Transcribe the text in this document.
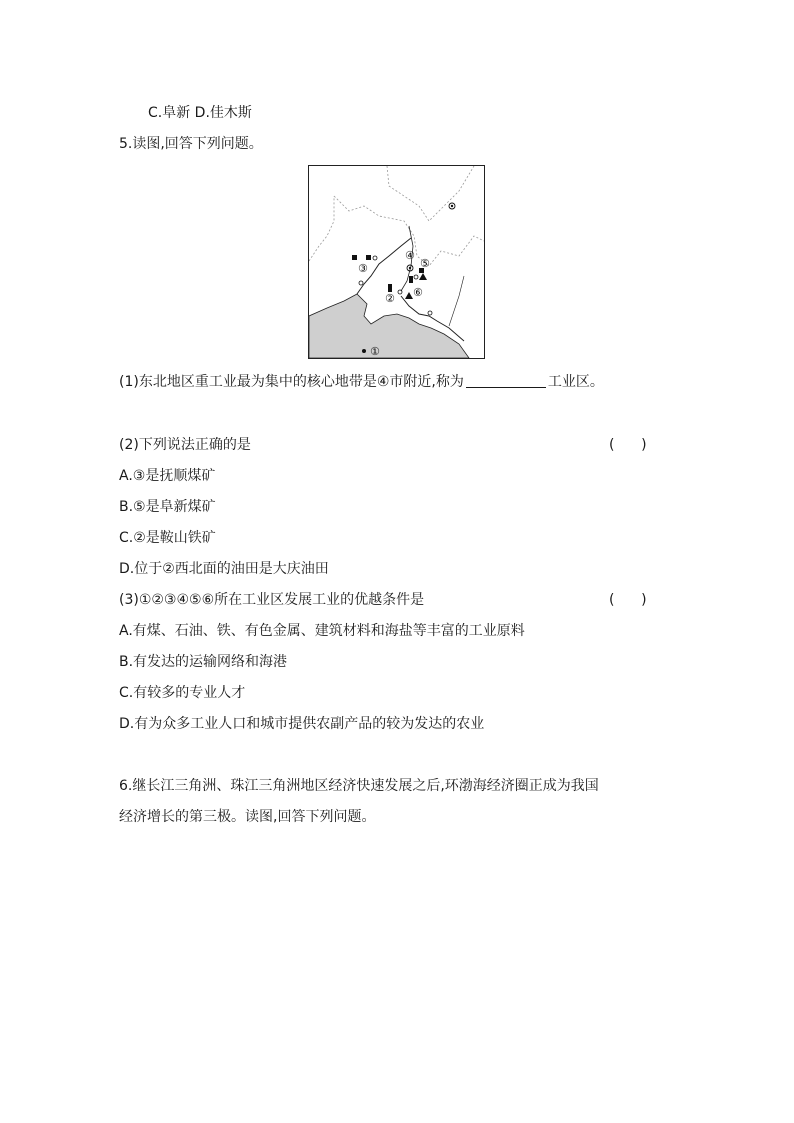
C.阜新 D.佳木斯
5.读图,回答下列问题。
①
②
③
④
⑤
⑥
(1)东北地区重工业最为集中的核心地带是④市附近,称为	工业区。
(2)下列说法正确的是	(      )
A.③是抚顺煤矿
B.⑤是阜新煤矿
C.②是鞍山铁矿
D.位于②西北面的油田是大庆油田
(3)①②③④⑤⑥所在工业区发展工业的优越条件是	(      )
A.有煤、石油、铁、有色金属、建筑材料和海盐等丰富的工业原料
B.有发达的运输网络和海港
C.有较多的专业人才
D.有为众多工业人口和城市提供农副产品的较为发达的农业
6.继长江三角洲、珠江三角洲地区经济快速发展之后,环渤海经济圈正成为我国
经济增长的第三极。读图,回答下列问题。
